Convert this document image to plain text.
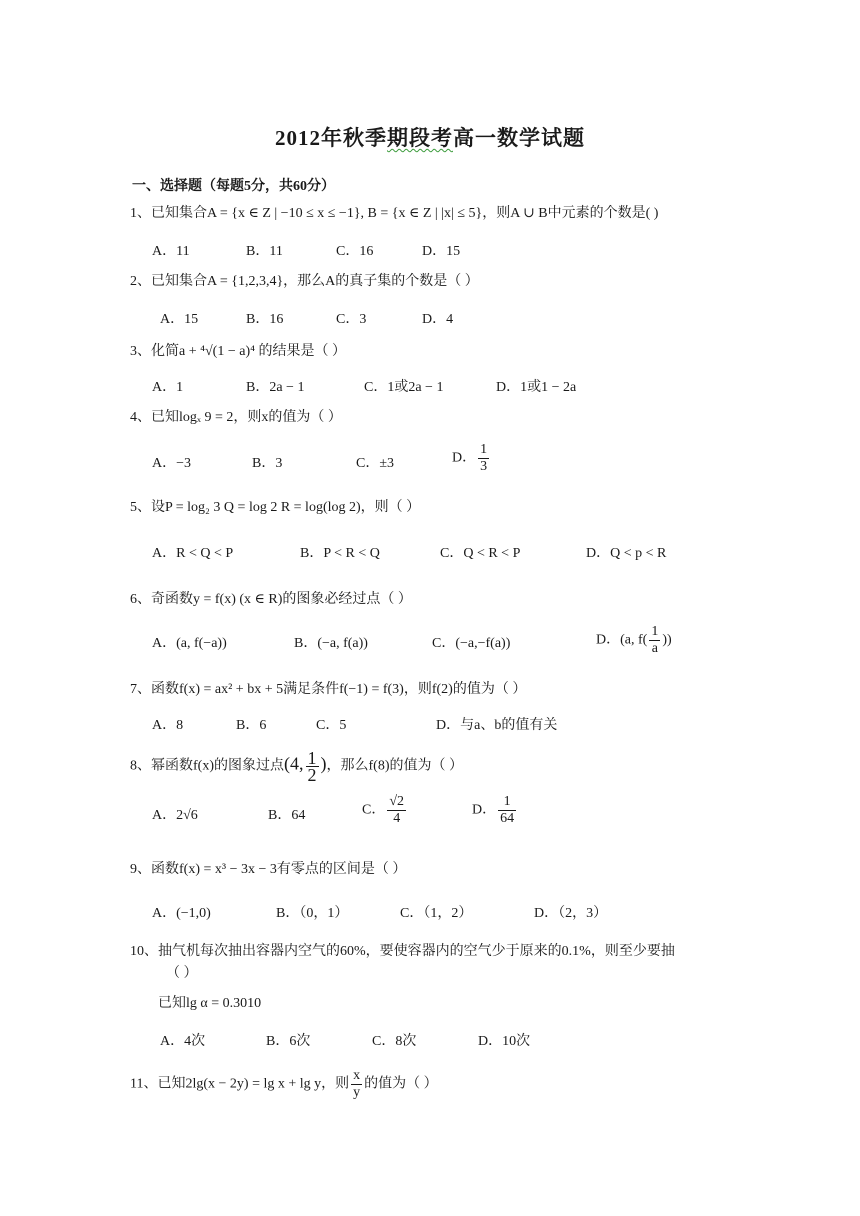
2012年秋季期段考高一数学试题
一、选择题（每题5分，共60分）
1、已知集合A = {x ∈ Z | −10 ≤ x ≤ −1}, B = {x ∈ Z | |x| ≤ 5}，则A ∪ B中元素的个数是( )
A．11	B．11	C．16	D．15
2、已知集合A = {1,2,3,4}，那么A的真子集的个数是（ ）
A．15	B．16	C．3	D．4
3、化简a + ⁴√(1 − a)⁴ 的结果是（ ）
A．1	B．2a − 1	C．1或2a − 1	D．1或1 − 2a
4、已知logₓ 9 = 2，则x的值为（ ）
A．−3	B．3	C．±3	D． $\frac{1}{3}$
5、设P = log₂ 3 Q = log 2 R = log(log 2)，则（ ）
A．R < Q < P	B．P < R < Q	C．Q < R < P	D．Q < p < R
6、奇函数y = f(x) (x ∈ R)的图象必经过点（ ）
A．(a, f(−a))	B．(−a, f(a))	C．(−a,−f(a))	D．(a, $f( \frac{1}{a}$ ))
7、函数f(x) = ax² + bx + 5满足条件f(−1) = f(3)，则f(2)的值为（ ）
A．8	B．6	C．5	D．与a、b的值有关
8、幂函数f(x)的图象过点(4, $\frac{1}{2}$ )，那么f(8)的值为（ ）
A．2√6	B．64	C． $\frac{√2}{4}$	D． $\frac{1}{64}$
9、函数f(x) = x³ − 3x − 3有零点的区间是（ ）
A．(−1,0)	B．（0，1）	C．（1，2）	D．（2，3）
10、抽气机每次抽出容器内空气的60%，要使容器内的空气少于原来的0.1%，则至少要抽
（ ）
已知lg α = 0.3010
A．4次	B．6次	C．8次	D．10次
11、已知2lg(x − 2y) = lg x + lg y，则 $\frac{x}{y}$ 的值为（ ）
